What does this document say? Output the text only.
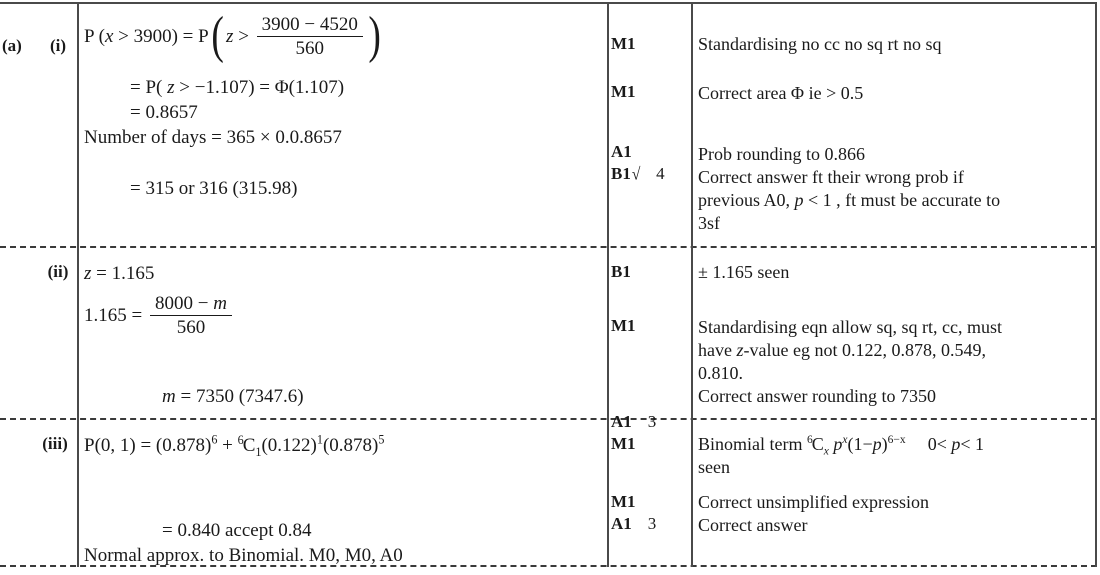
(a)	(i) P (x > 3900) = P( $z > \frac{3900 - 4520}{560}$ )
= P( z > −1.107) = Φ(1.107)
= 0.8657
Number of days = 365 × 0.0.8657
= 315 or 316 (315.98)
M1
M1
A1
B1√ 4
Standardising no cc no sq rt no sq
Correct area Φ ie > 0.5
Prob rounding to 0.866
Correct answer ft their wrong prob if
previous A0, p < 1 , ft must be accurate to
3sf
(ii) z = 1.165
$1.165 = \frac{8000 - m}{560}$
m = 7350 (7347.6)
B1
M1
A1 3
± 1.165 seen
Standardising eqn allow sq, sq rt, cc, must
have z-value eg not 0.122, 0.878, 0.549,
0.810.
Correct answer rounding to 7350
(iii) P(0, $1) = (0.878)^6 + ^6C_1(0.122)^1(0.878)^5$
= 0.840 accept 0.84
Normal approx. to Binomial. M0, M0, A0
M1
M1
A1 3
Binomial term $^6C_x$ $p^x(1-p)^{6-x}$ 0< p< 1
seen
Correct unsimplified expression
Correct answer
